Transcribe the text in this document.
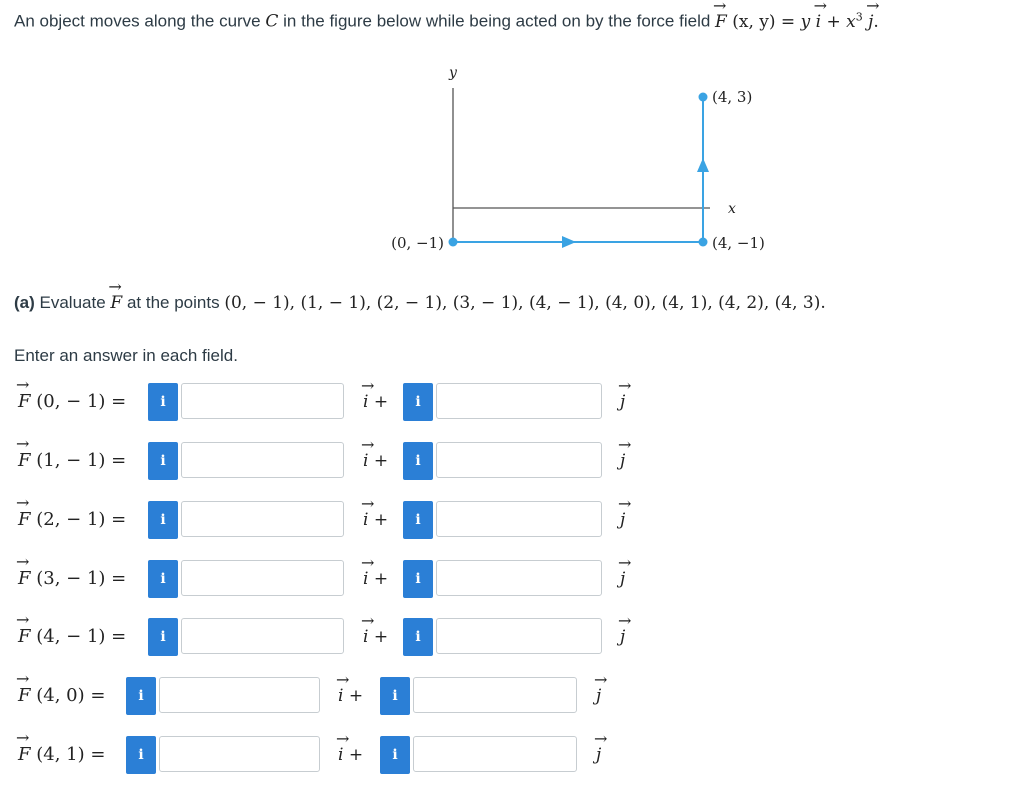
An object moves along the curve C in the figure below while being acted on by the force field → F (x, $y) = y \to i + x^3 \to j$.
y
x
(0, −1)	(4, −1)
(4, 3)
(a) Evaluate → F at the points (0, − 1), (1, − 1), (2, − 1), (3, − 1), (4, − 1), (4, 0), (4, 1), (4, 2), (4, 3).
Enter an answer in each field.
→ F (0, − 1) =	i	→ i +	i	→ j
→ F (1, − 1) =	i	→ i +	i	→ j
→ F (2, − 1) =	i	→ i +	i	→ j
→ F (3, − 1) =	i	→ i +	i	→ j
→ F (4, − 1) =	i	→ i +	i	→ j
→ F (4, 0) =	i	→ i +	i	→ j
→ F (4, 1) =	i	→ i +	i	→ j
